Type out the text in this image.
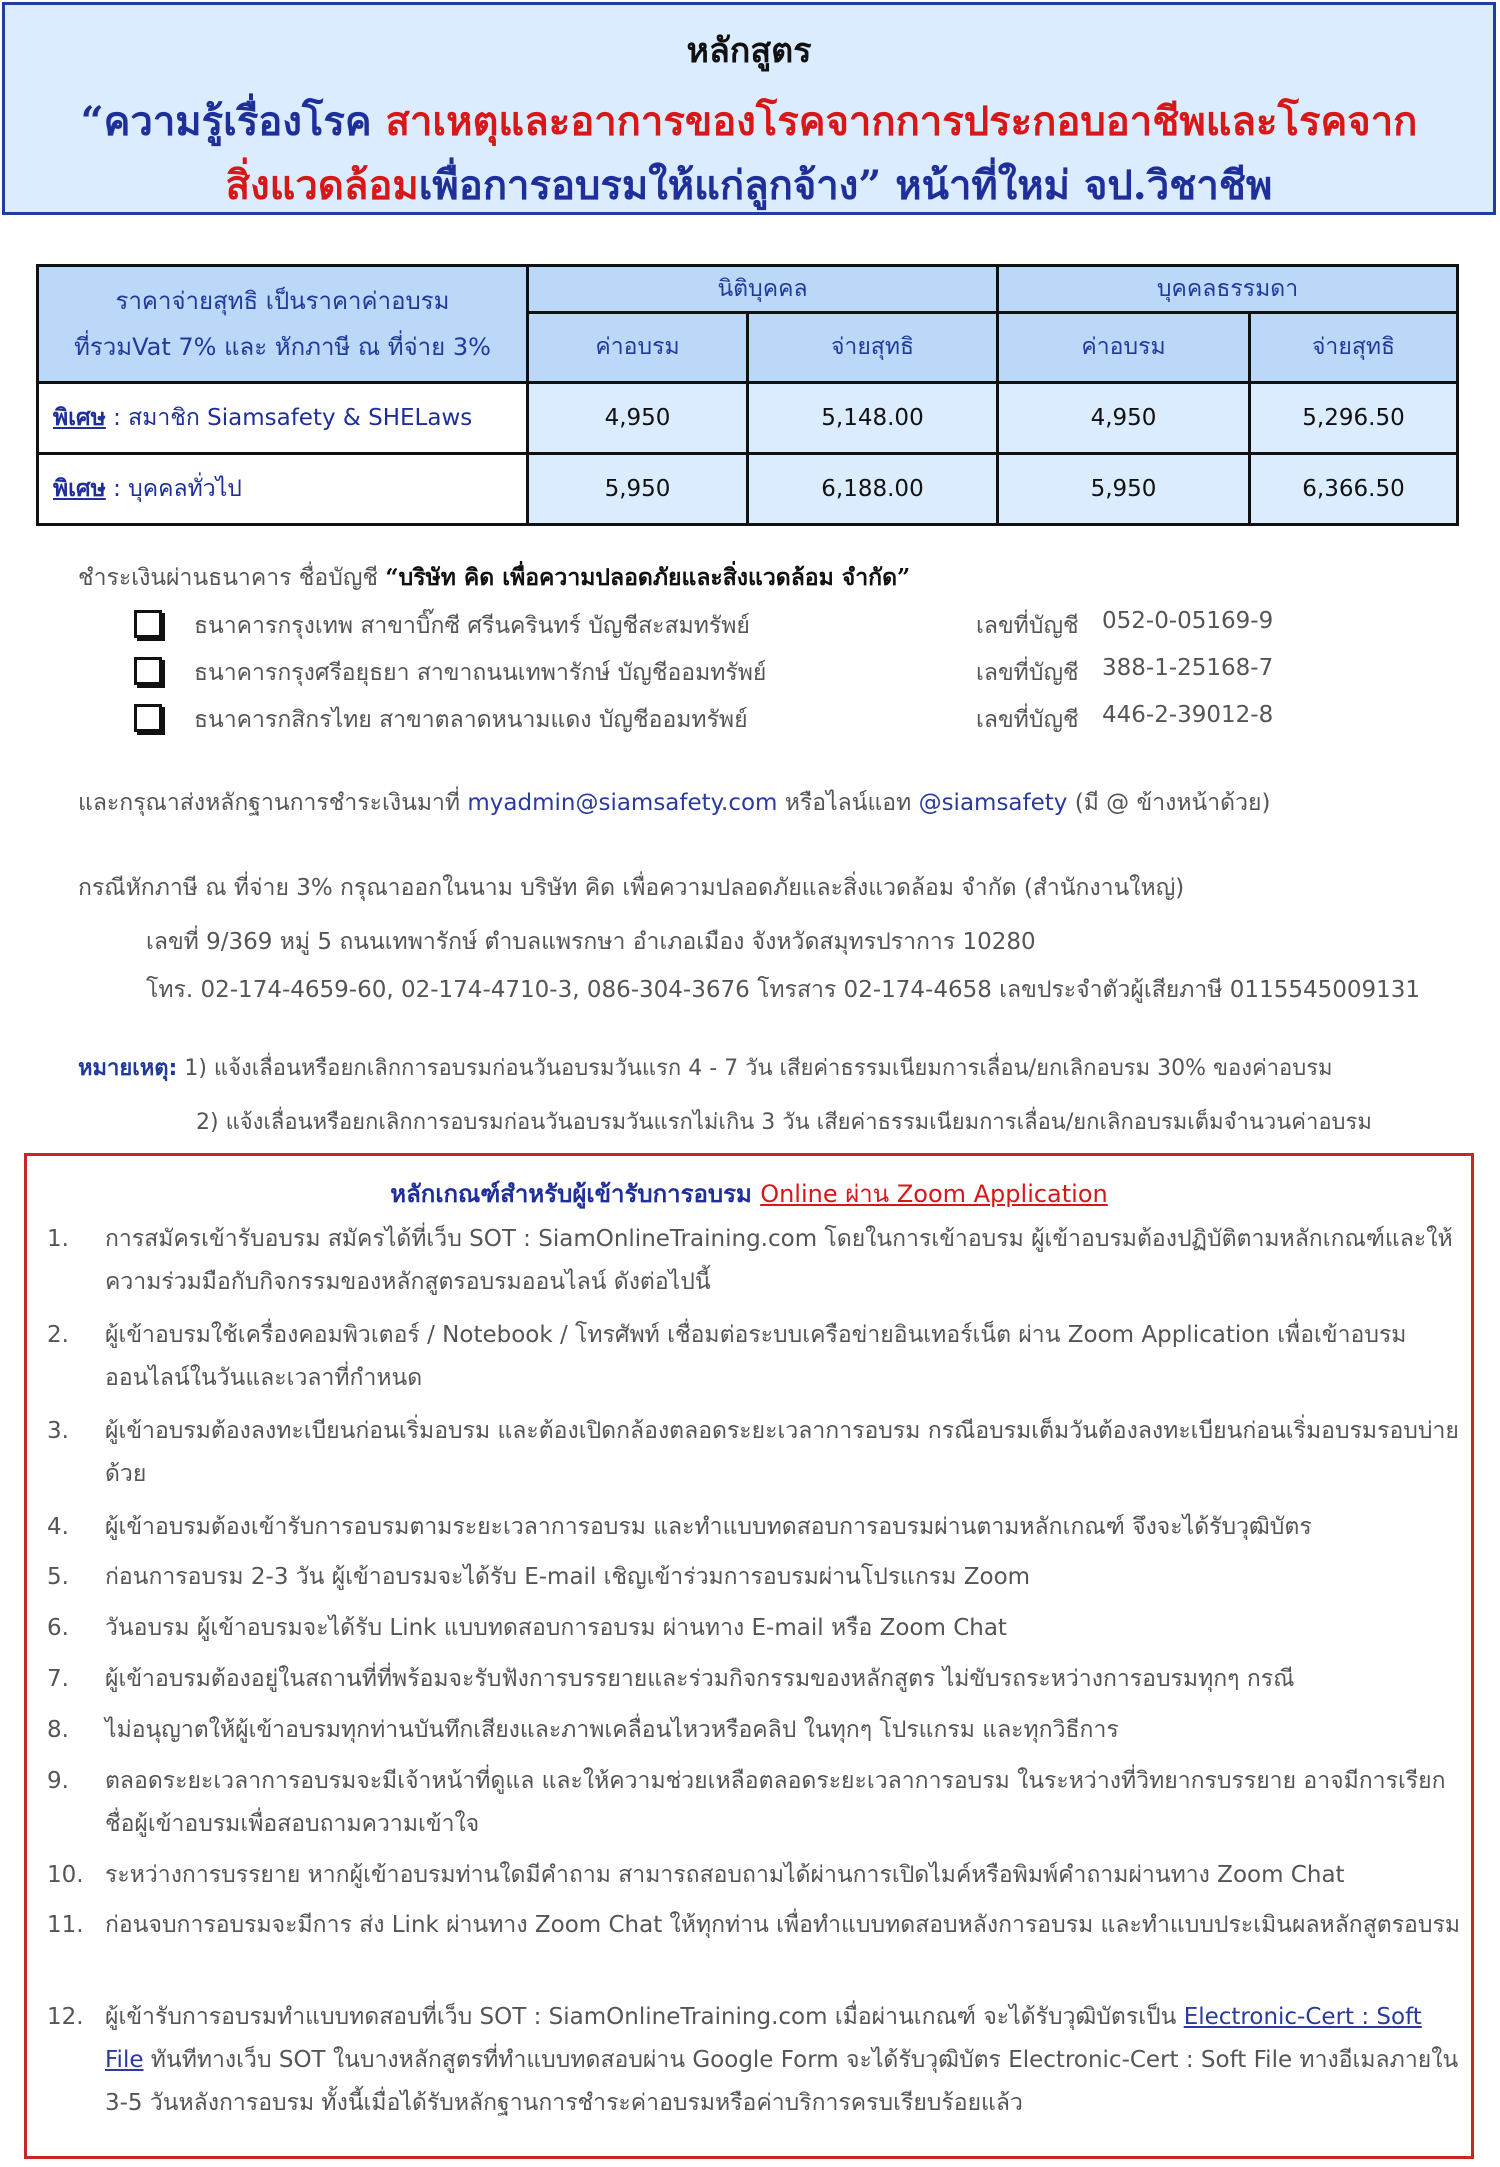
หลักสูตร
“ความรู้เรื่องโรค สาเหตุและอาการของโรคจากการประกอบอาชีพและโรคจาก
สิ่งแวดล้อมเพื่อการอบรมให้แก่ลูกจ้าง” หน้าที่ใหม่ จป.วิชาชีพ
ราคาจ่ายสุทธิ เป็นราคาค่าอบรม
ที่รวมVat 7% และ หักภาษี ณ ที่จ่าย 3%	นิติบุคคล		บุคคลธรรมดา	
	ค่าอบรม	จ่ายสุทธิ	ค่าอบรม	จ่ายสุทธิ
พิเศษ : สมาชิก Siamsafety & SHELaws	4,950	5,148.00	4,950	5,296.50
พิเศษ : บุคคลทั่วไป	5,950	6,188.00	5,950	6,366.50
ชำระเงินผ่านธนาคาร ชื่อบัญชี “บริษัท คิด เพื่อความปลอดภัยและสิ่งแวดล้อม จำกัด”
ธนาคารกรุงเทพ สาขาบิ๊กซี ศรีนครินทร์ บัญชีสะสมทรัพย์	เลขที่บัญชี 052-0-05169-9
ธนาคารกรุงศรีอยุธยา สาขาถนนเทพารักษ์ บัญชีออมทรัพย์	เลขที่บัญชี 388-1-25168-7
ธนาคารกสิกรไทย สาขาตลาดหนามแดง บัญชีออมทรัพย์	เลขที่บัญชี 446-2-39012-8
และกรุณาส่งหลักฐานการชำระเงินมาที่ myadmin@siamsafety.com หรือไลน์แอท @siamsafety (มี @ ข้างหน้าด้วย)
กรณีหักภาษี ณ ที่จ่าย 3% กรุณาออกในนาม บริษัท คิด เพื่อความปลอดภัยและสิ่งแวดล้อม จำกัด (สำนักงานใหญ่)
เลขที่ 9/369 หมู่ 5 ถนนเทพารักษ์ ตำบลแพรกษา อำเภอเมือง จังหวัดสมุทรปราการ 10280
โทร. 02-174-4659-60, 02-174-4710-3, 086-304-3676 โทรสาร 02-174-4658 เลขประจำตัวผู้เสียภาษี 0115545009131
หมายเหตุ: 1) แจ้งเลื่อนหรือยกเลิกการอบรมก่อนวันอบรมวันแรก 4 - 7 วัน เสียค่าธรรมเนียมการเลื่อน/ยกเลิกอบรม 30% ของค่าอบรม
2) แจ้งเลื่อนหรือยกเลิกการอบรมก่อนวันอบรมวันแรกไม่เกิน 3 วัน เสียค่าธรรมเนียมการเลื่อน/ยกเลิกอบรมเต็มจำนวนค่าอบรม
หลักเกณฑ์สำหรับผู้เข้ารับการอบรม Online ผ่าน Zoom Application
1. การสมัครเข้ารับอบรม สมัครได้ที่เว็บ SOT : SiamOnlineTraining.com โดยในการเข้าอบรม ผู้เข้าอบรมต้องปฏิบัติตามหลักเกณฑ์และให้ความร่วมมือกับกิจกรรมของหลักสูตรอบรมออนไลน์ ดังต่อไปนี้
2. ผู้เข้าอบรมใช้เครื่องคอมพิวเตอร์ / Notebook / โทรศัพท์ เชื่อมต่อระบบเครือข่ายอินเทอร์เน็ต ผ่าน Zoom Application เพื่อเข้าอบรมออนไลน์ในวันและเวลาที่กำหนด
3. ผู้เข้าอบรมต้องลงทะเบียนก่อนเริ่มอบรม และต้องเปิดกล้องตลอดระยะเวลาการอบรม กรณีอบรมเต็มวันต้องลงทะเบียนก่อนเริ่มอบรมรอบบ่ายด้วย
4. ผู้เข้าอบรมต้องเข้ารับการอบรมตามระยะเวลาการอบรม และทำแบบทดสอบการอบรมผ่านตามหลักเกณฑ์ จึงจะได้รับวุฒิบัตร
5. ก่อนการอบรม 2-3 วัน ผู้เข้าอบรมจะได้รับ E-mail เชิญเข้าร่วมการอบรมผ่านโปรแกรม Zoom
6. วันอบรม ผู้เข้าอบรมจะได้รับ Link แบบทดสอบการอบรม ผ่านทาง E-mail หรือ Zoom Chat
7. ผู้เข้าอบรมต้องอยู่ในสถานที่ที่พร้อมจะรับฟังการบรรยายและร่วมกิจกรรมของหลักสูตร ไม่ขับรถระหว่างการอบรมทุกๆ กรณี
8. ไม่อนุญาตให้ผู้เข้าอบรมทุกท่านบันทึกเสียงและภาพเคลื่อนไหวหรือคลิป ในทุกๆ โปรแกรม และทุกวิธีการ
9. ตลอดระยะเวลาการอบรมจะมีเจ้าหน้าที่ดูแล และให้ความช่วยเหลือตลอดระยะเวลาการอบรม ในระหว่างที่วิทยากรบรรยาย อาจมีการเรียกชื่อผู้เข้าอบรมเพื่อสอบถามความเข้าใจ
10. ระหว่างการบรรยาย หากผู้เข้าอบรมท่านใดมีคำถาม สามารถสอบถามได้ผ่านการเปิดไมค์หรือพิมพ์คำถามผ่านทาง Zoom Chat
11. ก่อนจบการอบรมจะมีการ ส่ง Link ผ่านทาง Zoom Chat ให้ทุกท่าน เพื่อทำแบบทดสอบหลังการอบรม และทำแบบประเมินผลหลักสูตรอบรม
12. ผู้เข้ารับการอบรมทำแบบทดสอบที่เว็บ SOT : SiamOnlineTraining.com เมื่อผ่านเกณฑ์ จะได้รับวุฒิบัตรเป็น Electronic-Cert : Soft File ทันทีทางเว็บ SOT ในบางหลักสูตรที่ทำแบบทดสอบผ่าน Google Form จะได้รับวุฒิบัตร Electronic-Cert : Soft File ทางอีเมลภายใน 3-5 วันหลังการอบรม ทั้งนี้เมื่อได้รับหลักฐานการชำระค่าอบรมหรือค่าบริการครบเรียบร้อยแล้ว
